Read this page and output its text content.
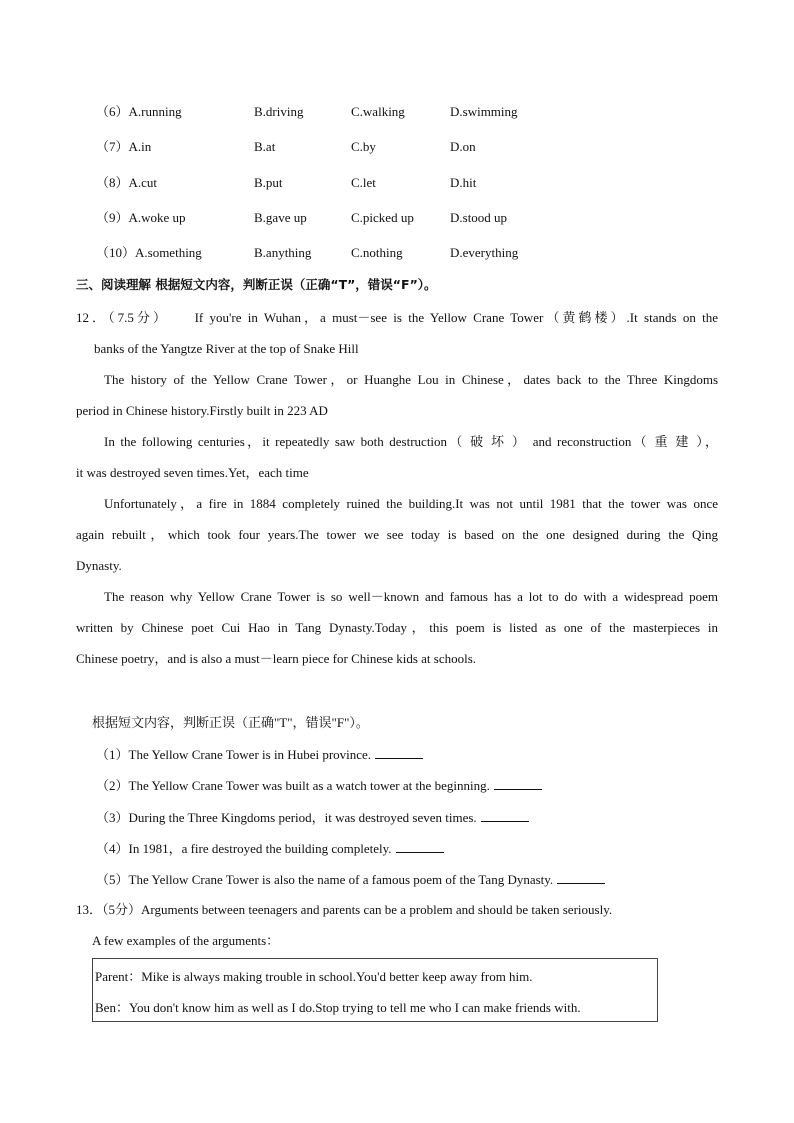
（6）A.running	B.driving	C.walking	D.swimming
（7）A.in	B.at	C.by	D.on
（8）A.cut	B.put	C.let	D.hit
（9）A.woke up	B.gave up	C.picked up	D.stood up
（10）A.something	B.anything	C.nothing	D.everything
三、阅读理解 根据短文内容，判断正误（正确“T”，错误“F”）。
12．（7.5分）　　If you're in Wuhan，a must－see is the Yellow Crane Tower（黄鹤楼）.It stands on the
banks of the Yangtze River at the top of Snake Hill
The history of the Yellow Crane Tower，or Huanghe Lou in Chinese，dates back to the Three Kingdoms
period in Chinese history.Firstly built in 223 AD
In the following centuries，it repeatedly saw both destruction（ 破 坏 ） and reconstruction（ 重 建 ），
it was destroyed seven times.Yet，each time
Unfortunately，a fire in 1884 completely ruined the building.It was not until 1981 that the tower was once
again rebuilt，which took four years.The tower we see today is based on the one designed during the Qing
Dynasty.
The reason why Yellow Crane Tower is so well－known and famous has a lot to do with a widespread poem
written by Chinese poet Cui Hao in Tang Dynasty.Today，this poem is listed as one of the masterpieces in
Chinese poetry，and is also a must－learn piece for Chinese kids at schools.
根据短文内容，判断正误（正确"T"，错误"F"）。
（1）The Yellow Crane Tower is in Hubei province.
（2）The Yellow Crane Tower was built as a watch tower at the beginning.
（3）During the Three Kingdoms period，it was destroyed seven times.
（4）In 1981，a fire destroyed the building completely.
（5）The Yellow Crane Tower is also the name of a famous poem of the Tang Dynasty.
13．（5分）Arguments between teenagers and parents can be a problem and should be taken seriously.
A few examples of the arguments：
Parent：Mike is always making trouble in school.You'd better keep away from him.
Ben：You don't know him as well as I do.Stop trying to tell me who I can make friends with.
